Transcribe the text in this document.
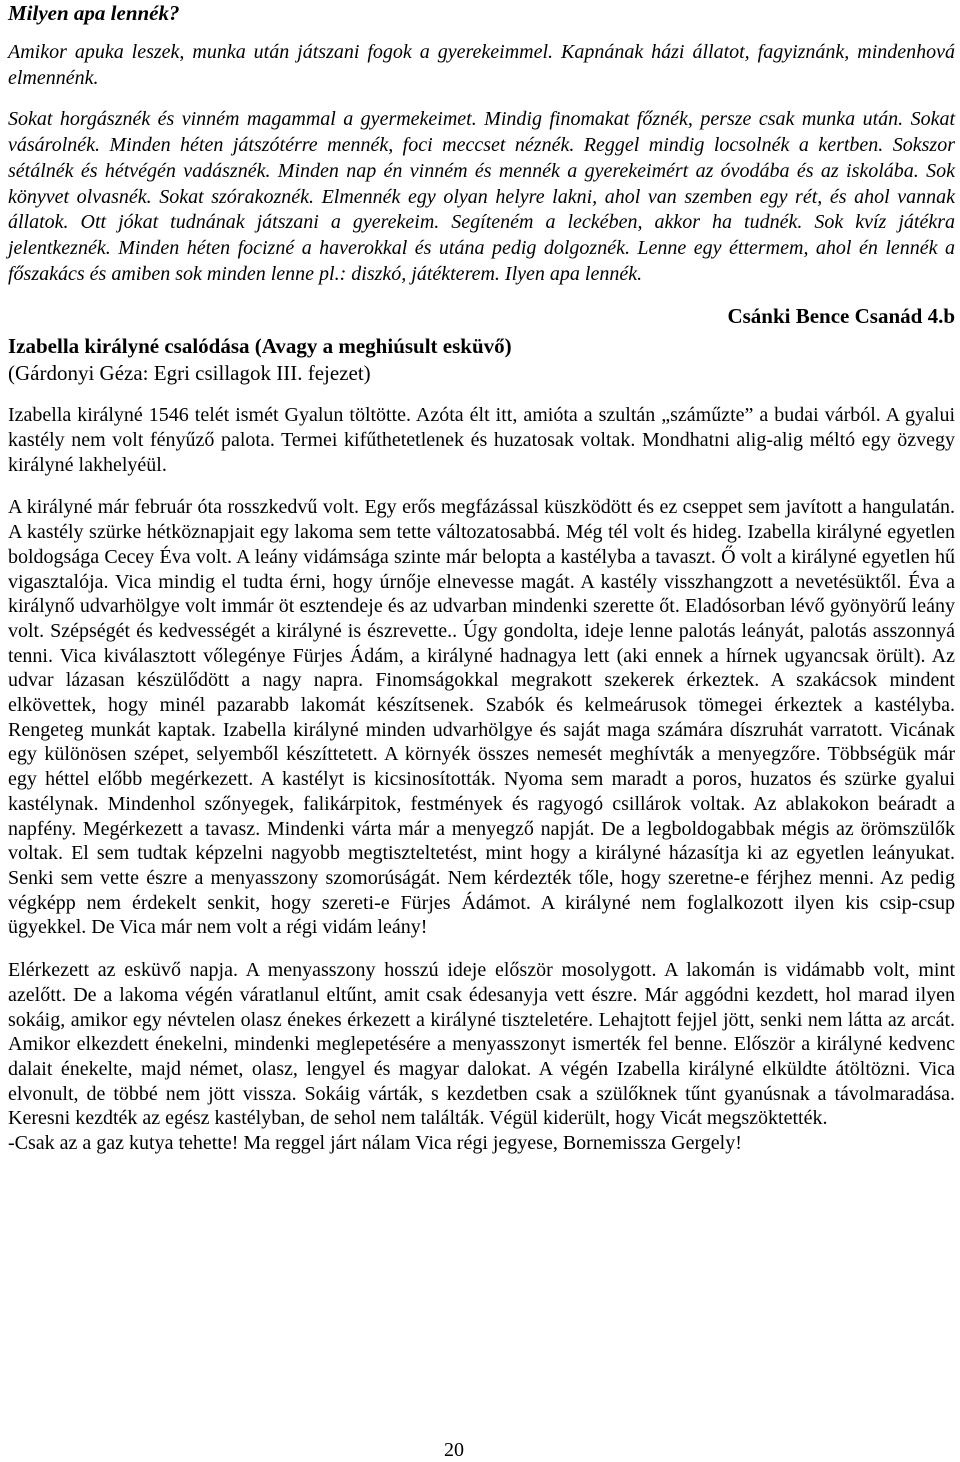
Milyen apa lennék?

Amikor apuka leszek, munka után játszani fogok a gyerekeimmel. Kapnának házi állatot, fagyiznánk, mindenhová elmennénk.

Sokat horgásznék és vinném magammal a gyermekeimet. Mindig finomakat főznék, persze csak munka után. Sokat vásárolnék. Minden héten játszótérre mennék, foci meccset néznék. Reggel mindig locsolnék a kertben. Sokszor sétálnék és hétvégén vadásznék. Minden nap én vinném és mennék a gyerekeimért az óvodába és az iskolába. Sok könyvet olvasnék. Sokat szórakoznék. Elmennék egy olyan helyre lakni, ahol van szemben egy rét, és ahol vannak állatok. Ott jókat tudnának játszani a gyerekeim. Segíteném a leckében, akkor ha tudnék. Sok kvíz játékra jelentkeznék. Minden héten focizné a haverokkal és utána pedig dolgoznék. Lenne egy éttermem, ahol én lennék a főszakács és amiben sok minden lenne pl.: diszkó, játékterem. Ilyen apa lennék.

Csánki Bence Csanád 4.b
Izabella királyné csalódása (Avagy a meghiúsult esküvő)
(Gárdonyi Géza: Egri csillagok III. fejezet)

Izabella királyné 1546 telét ismét Gyalun töltötte. Azóta élt itt, amióta a szultán „száműzte” a budai várból. A gyalui kastély nem volt fényűző palota. Termei kifűthetetlenek és huzatosak voltak. Mondhatni alig-alig méltó egy özvegy királyné lakhelyéül.

A királyné már február óta rosszkedvű volt. Egy erős megfázással küszködött és ez cseppet sem javított a hangulatán. A kastély szürke hétköznapjait egy lakoma sem tette változatosabbá. Még tél volt és hideg. Izabella királyné egyetlen boldogsága Cecey Éva volt. A leány vidámsága szinte már belopta a kastélyba a tavaszt. Ő volt a királyné egyetlen hű vigasztalója. Vica mindig el tudta érni, hogy úrnője elnevesse magát. A kastély visszhangzott a nevetésüktől. Éva a királynő udvarhölgye volt immár öt esztendeje és az udvarban mindenki szerette őt. Eladósorban lévő gyönyörű leány volt. Szépségét és kedvességét a királyné is észrevette.. Úgy gondolta, ideje lenne palotás leányát, palotás asszonnyá tenni. Vica kiválasztott vőlegénye Fürjes Ádám, a királyné hadnagya lett (aki ennek a hírnek ugyancsak örült). Az udvar lázasan készülődött a nagy napra. Finomságokkal megrakott szekerek érkeztek. A szakácsok mindent elkövettek, hogy minél pazarabb lakomát készítsenek. Szabók és kelmeárusok tömegei érkeztek a kastélyba. Rengeteg munkát kaptak. Izabella királyné minden udvarhölgye és saját maga számára díszruhát varratott. Vicának egy különösen szépet, selyemből készíttetett. A környék összes nemesét meghívták a menyegzőre. Többségük már egy héttel előbb megérkezett. A kastélyt is kicsinosították. Nyoma sem maradt a poros, huzatos és szürke gyalui kastélynak. Mindenhol szőnyegek, falikárpitok, festmények és ragyogó csillárok voltak. Az ablakokon beáradt a napfény. Megérkezett a tavasz. Mindenki várta már a menyegző napját. De a legboldogabbak mégis az örömszülők voltak. El sem tudtak képzelni nagyobb megtiszteltetést, mint hogy a királyné házasítja ki az egyetlen leányukat. Senki sem vette észre a menyasszony szomorúságát. Nem kérdezték tőle, hogy szeretne-e férjhez menni. Az pedig végképp nem érdekelt senkit, hogy szereti-e Fürjes Ádámot. A királyné nem foglalkozott ilyen kis csip-csup ügyekkel. De Vica már nem volt a régi vidám leány!

Elérkezett az esküvő napja. A menyasszony hosszú ideje először mosolygott. A lakomán is vidámabb volt, mint azelőtt. De a lakoma végén váratlanul eltűnt, amit csak édesanyja vett észre. Már aggódni kezdett, hol marad ilyen sokáig, amikor egy névtelen olasz énekes érkezett a királyné tiszteletére. Lehajtott fejjel jött, senki nem látta az arcát. Amikor elkezdett énekelni, mindenki meglepetésére a menyasszonyt ismerték fel benne. Először a királyné kedvenc dalait énekelte, majd német, olasz, lengyel és magyar dalokat. A végén Izabella királyné elküldte átöltözni. Vica elvonult, de többé nem jött vissza. Sokáig várták, s kezdetben csak a szülőknek tűnt gyanúsnak a távolmaradása. Keresni kezdték az egész kastélyban, de sehol nem találták. Végül kiderült, hogy Vicát megszöktették.
-Csak az a gaz kutya tehette! Ma reggel járt nálam Vica régi jegyese, Bornemissza Gergely!

20
